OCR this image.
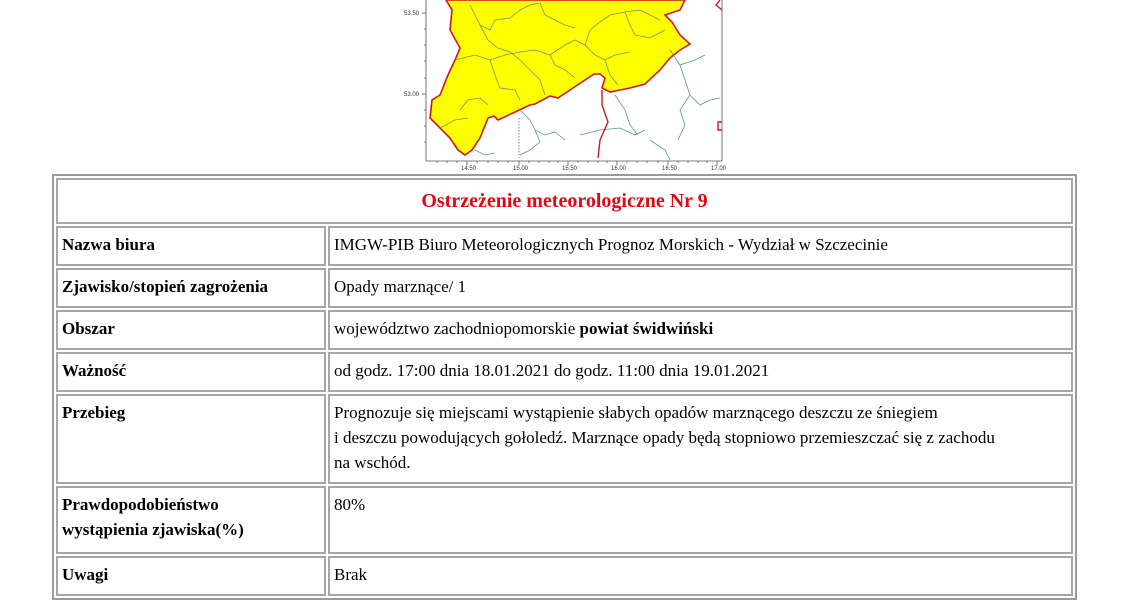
53.50
53.00
14.50	15.00	15.50	16.00	16.50	17.00
Ostrzeżenie meteorologiczne Nr 9	
Nazwa biura	IMGW-PIB Biuro Meteorologicznych Prognoz Morskich - Wydział w Szczecinie
Zjawisko/stopień zagrożenia	Opady marznące/ 1
Obszar	województwo zachodniopomorskie powiat świdwiński
Ważność	od godz. 17:00 dnia 18.01.2021 do godz. 11:00 dnia 19.01.2021
Przebieg	Prognozuje się miejscami wystąpienie słabych opadów marznącego deszczu ze śniegiem
i deszczu powodujących gołoledź. Marznące opady będą stopniowo przemieszczać się z zachodu
na wschód.
Prawdopodobieństwo
wystąpienia zjawiska(%)	80%
Uwagi	Brak
